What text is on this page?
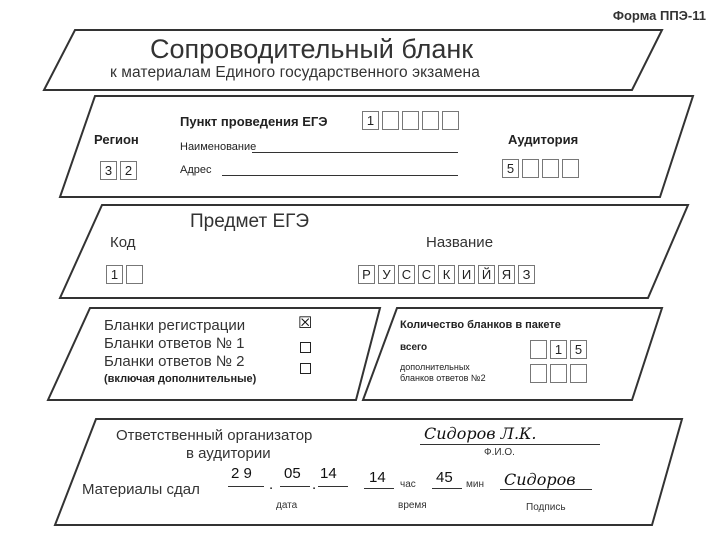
Форма ППЭ-11
Сопроводительный бланк
к материалам Единого государственного экзамена
Регион
3 2
Пункт проведения ЕГЭ	1
Наименование
Адрес
Аудитория
5
Предмет ЕГЭ
Код
1
Название
Р У С С К И Й Я З
Бланки регистрации
Бланки ответов № 1
Бланки ответов № 2
(включая дополнительные)
☒	Количество бланков в пакете
всего	1 5
дополнительных
бланков ответов №2
Ответственный организатор
в аудитории
Сидоров Л.К.
Ф.И.О.
Материалы сдал
2 9
.
05
.
14
дата
14 час 45 мин
время
Сидоров
Подпись
